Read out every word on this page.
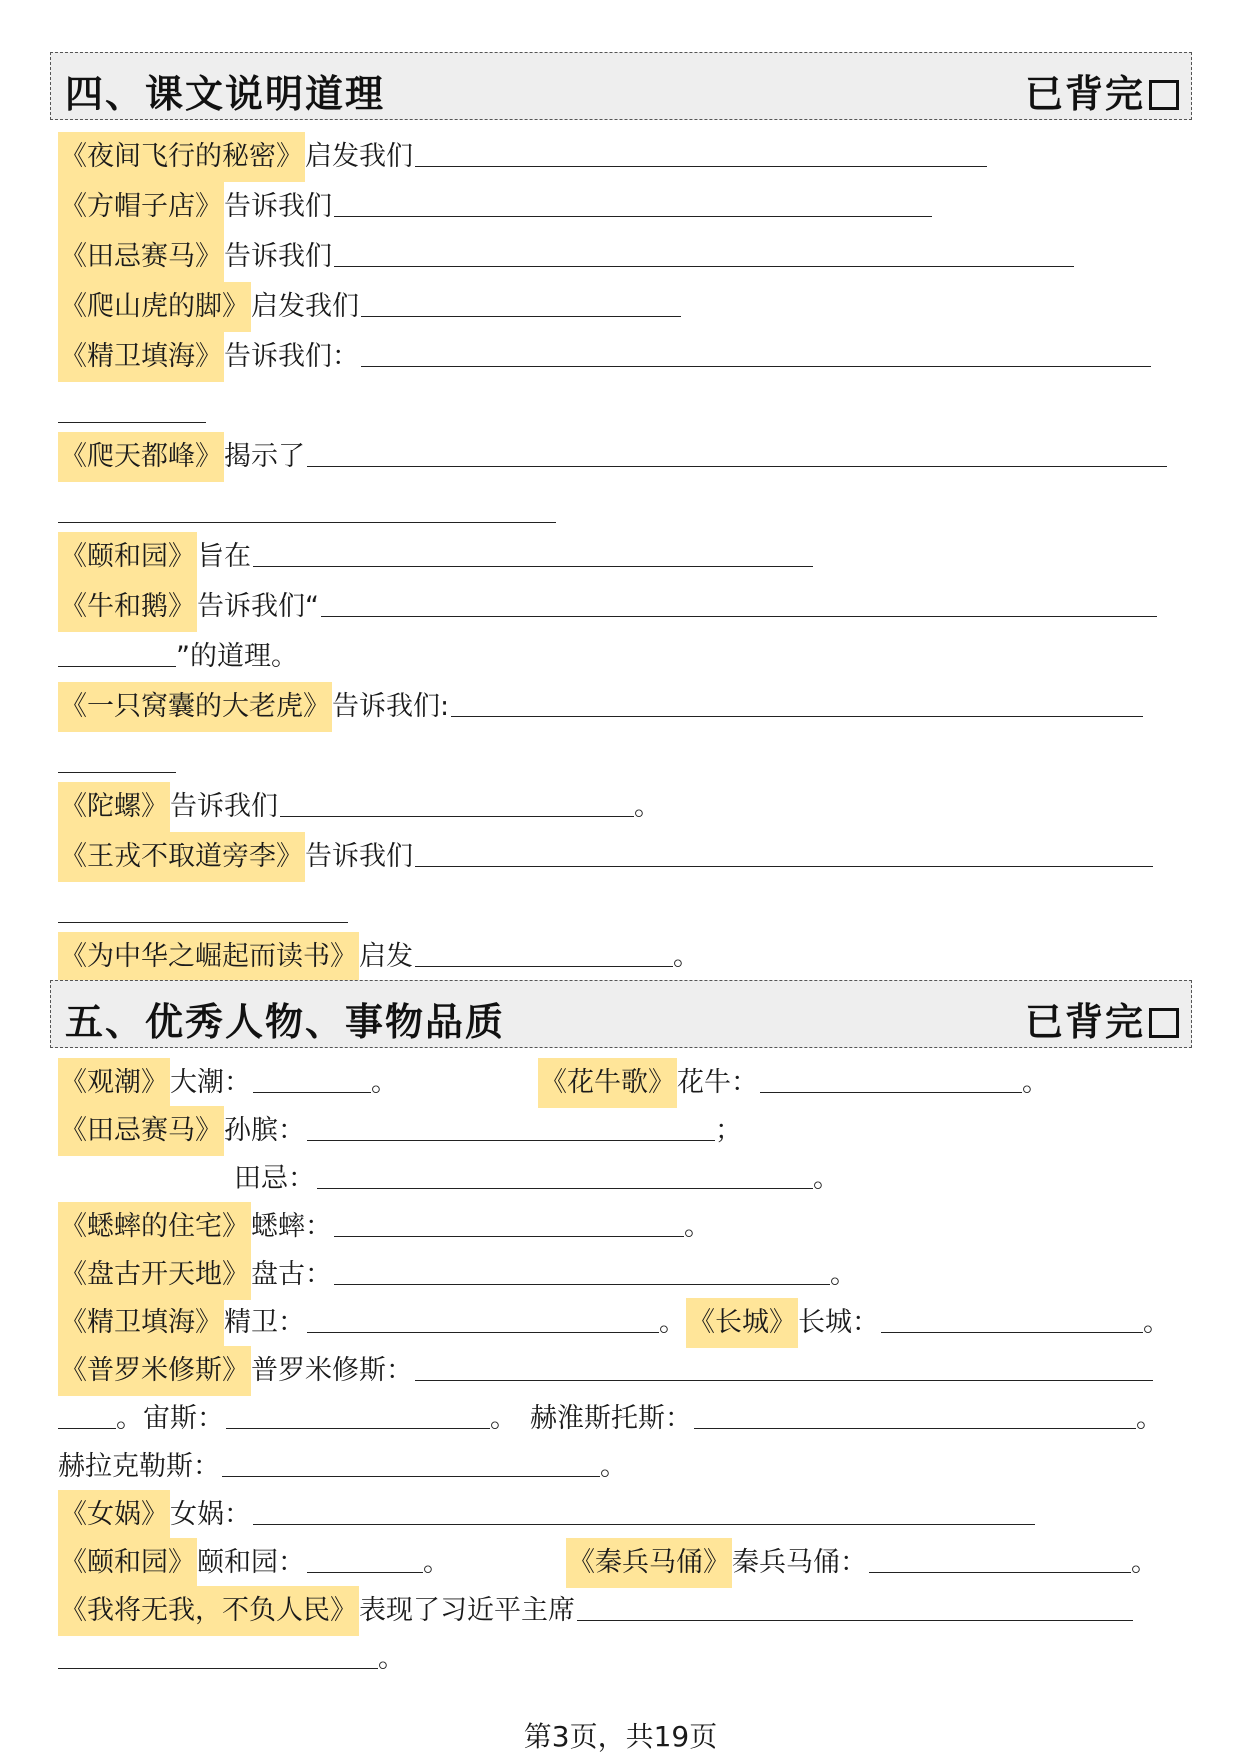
四、课文说明道理	已背完
《夜间飞行的秘密》启发我们
《方帽子店》告诉我们
《田忌赛马》告诉我们
《爬山虎的脚》启发我们
《精卫填海》告诉我们：
《爬天都峰》揭示了
《颐和园》旨在
《牛和鹅》告诉我们“
”的道理。
《一只窝囊的大老虎》告诉我们:
《陀螺》告诉我们	。
《王戎不取道旁李》告诉我们
《为中华之崛起而读书》启发	。
五、优秀人物、事物品质	已背完
《观潮》大潮：	。	《花牛歌》花牛：	。
《田忌赛马》孙膑：	；
田忌：	。
《蟋蟀的住宅》蟋蟀：	。
《盘古开天地》盘古：	。
《精卫填海》精卫：	。 《长城》长城：	。
《普罗米修斯》普罗米修斯：
。宙斯：	。 赫淮斯托斯：	。
赫拉克勒斯：	。
《女娲》女娲：
《颐和园》颐和园：	。	《秦兵马俑》秦兵马俑：	。
《我将无我，不负人民》表现了习近平主席
。
第3页，共19页
